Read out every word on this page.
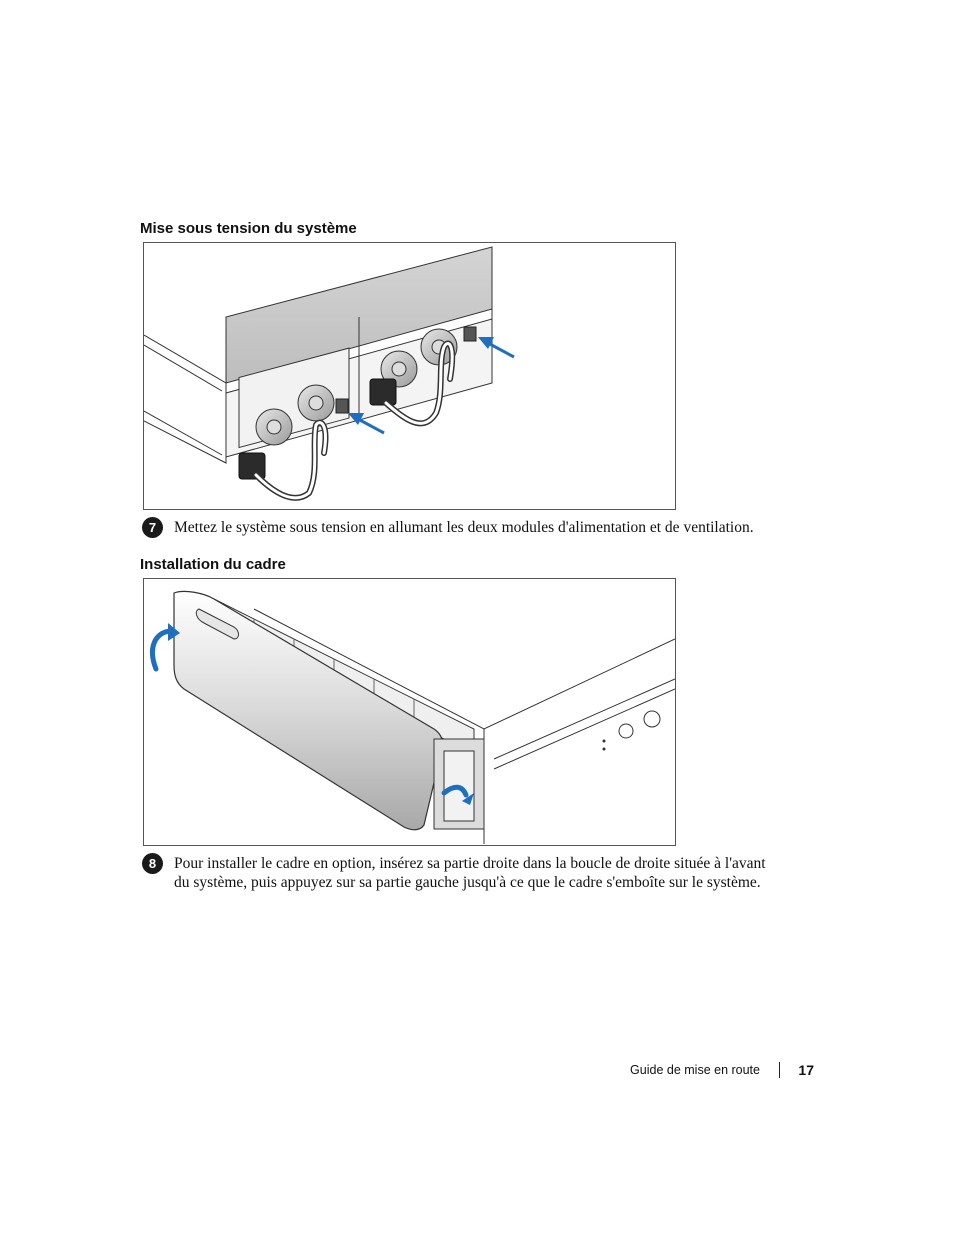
Mise sous tension du système
7	Mettez le système sous tension en allumant les deux modules d'alimentation et de ventilation.
Installation du cadre
8	Pour installer le cadre en option, insérez sa partie droite dans la boucle de droite située à l'avant du système, puis appuyez sur sa partie gauche jusqu'à ce que le cadre s'emboîte sur le système.
Guide de mise en route	17
